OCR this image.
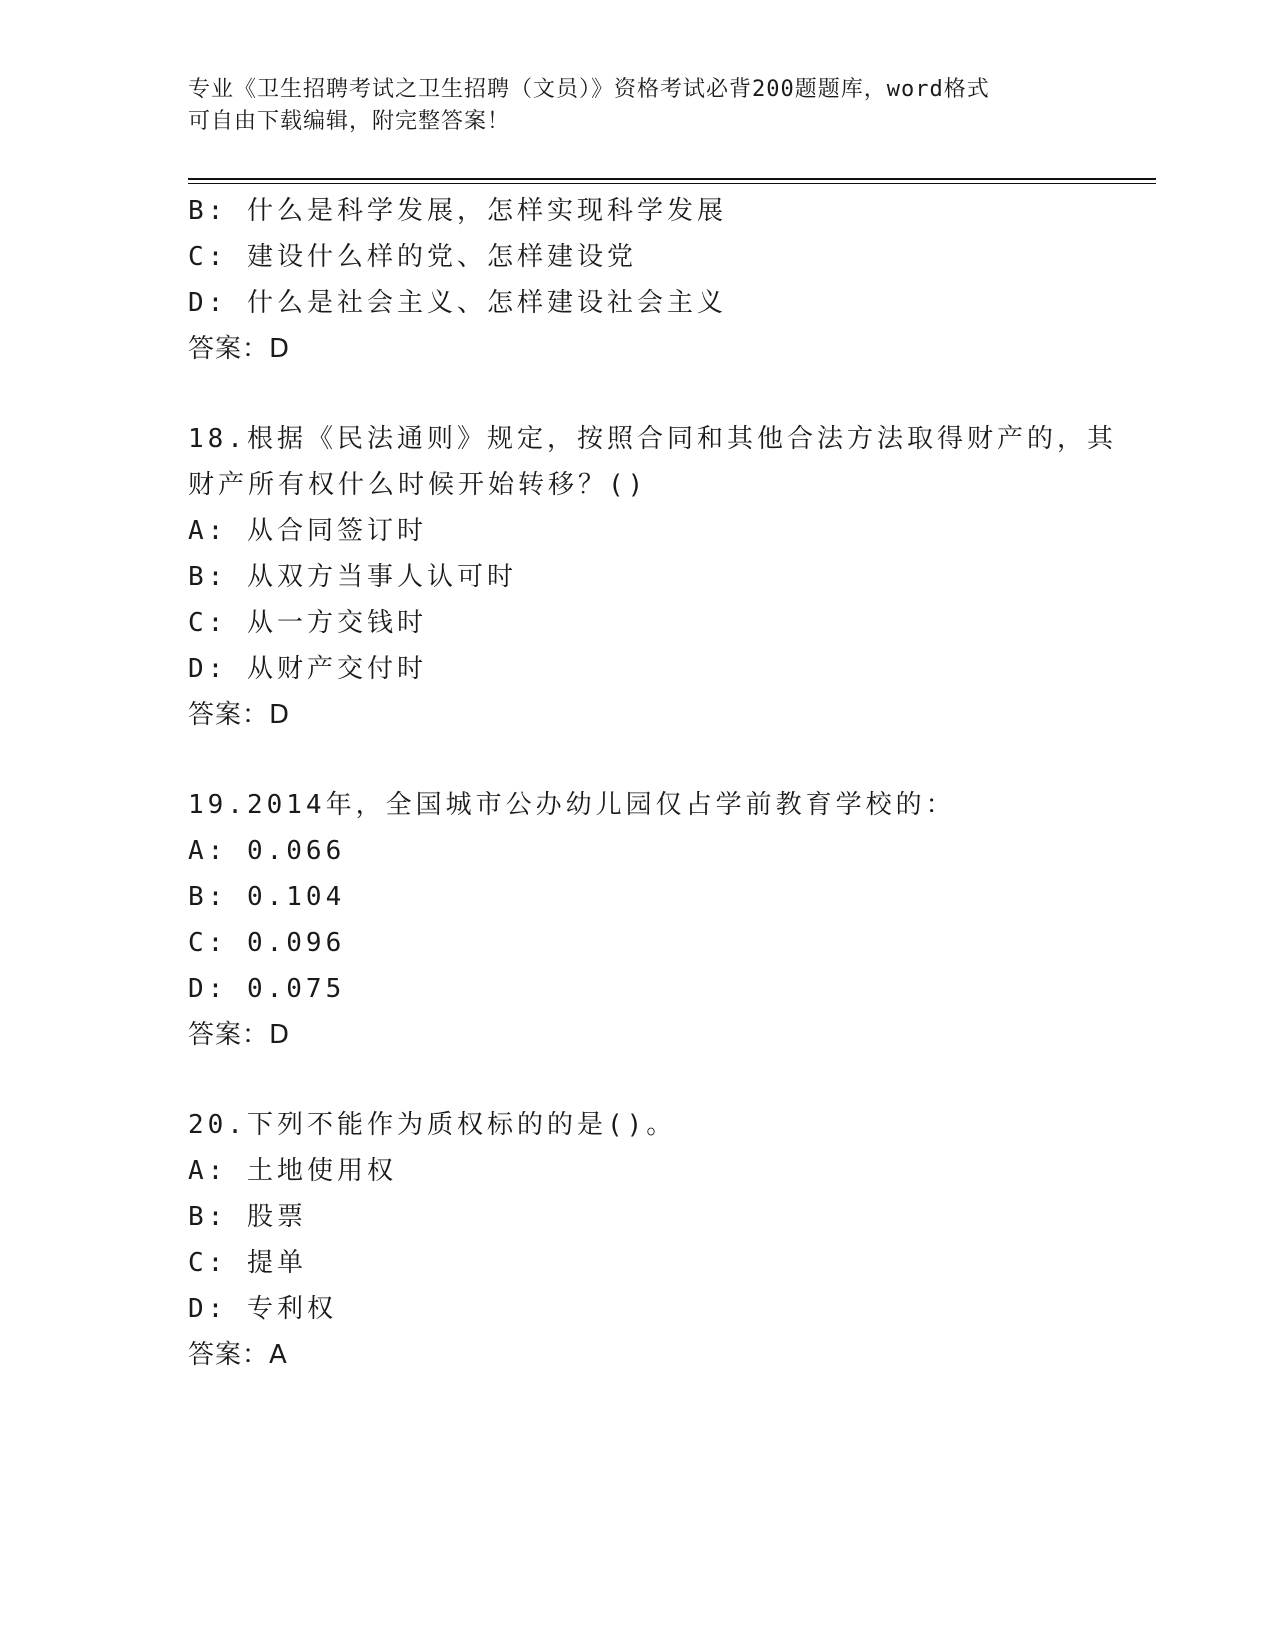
专业《卫生招聘考试之卫生招聘（文员）》资格考试必背200题题库，word格式
可自由下载编辑，附完整答案！
B: 什么是科学发展，怎样实现科学发展
C: 建设什么样的党、怎样建设党
D: 什么是社会主义、怎样建设社会主义
答案：D
18.根据《民法通则》规定，按照合同和其他合法方法取得财产的，其
财产所有权什么时候开始转移？()
A: 从合同签订时
B: 从双方当事人认可时
C: 从一方交钱时
D: 从财产交付时
答案：D
19.2014年，全国城市公办幼儿园仅占学前教育学校的：
A: 0.066
B: 0.104
C: 0.096
D: 0.075
答案：D
20.下列不能作为质权标的的是()。
A: 土地使用权
B: 股票
C: 提单
D: 专利权
答案：A
